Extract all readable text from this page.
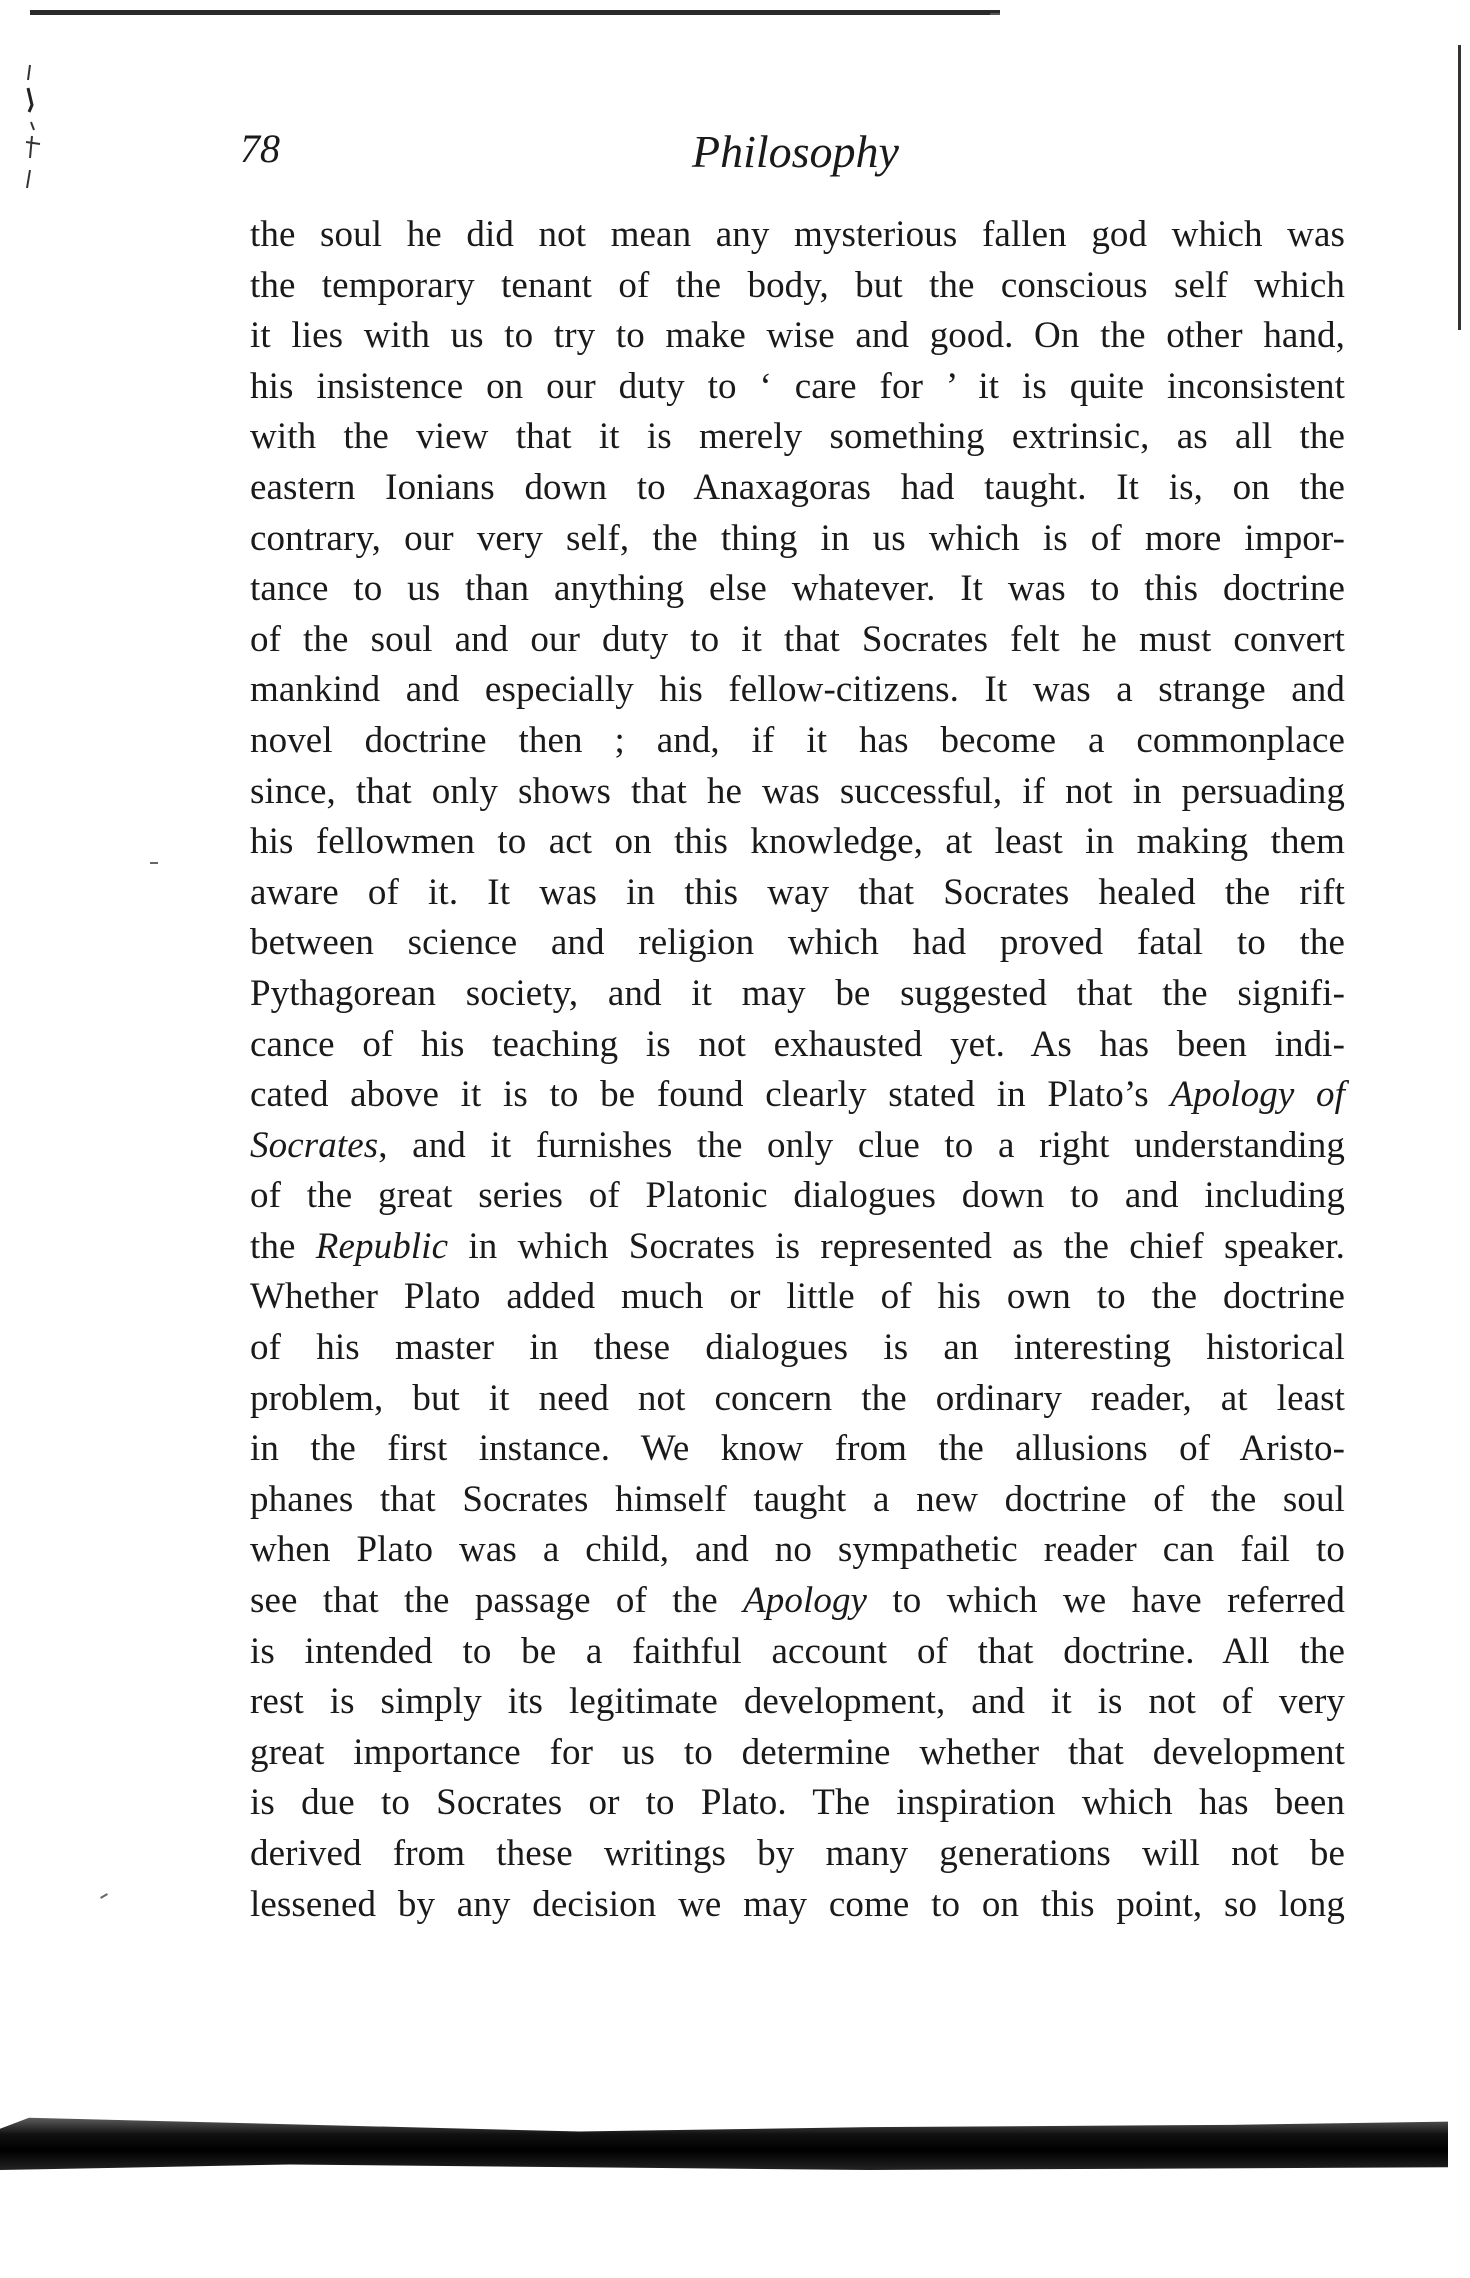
78	Philosophy
the soul he did not mean any mysterious fallen god which was
the temporary tenant of the body, but the conscious self which
it lies with us to try to make wise and good. On the other hand,
his insistence on our duty to ‘ care for ’ it is quite inconsistent
with the view that it is merely something extrinsic, as all the
eastern Ionians down to Anaxagoras had taught. It is, on the
contrary, our very self, the thing in us which is of more impor-
tance to us than anything else whatever. It was to this doctrine
of the soul and our duty to it that Socrates felt he must convert
mankind and especially his fellow-citizens. It was a strange and
novel doctrine then ; and, if it has become a commonplace
since, that only shows that he was successful, if not in persuading
his fellowmen to act on this knowledge, at least in making them
aware of it. It was in this way that Socrates healed the rift
between science and religion which had proved fatal to the
Pythagorean society, and it may be suggested that the signifi-
cance of his teaching is not exhausted yet. As has been indi-
cated above it is to be found clearly stated in Plato’s Apology of
Socrates, and it furnishes the only clue to a right understanding
of the great series of Platonic dialogues down to and including
the Republic in which Socrates is represented as the chief speaker.
Whether Plato added much or little of his own to the doctrine
of his master in these dialogues is an interesting historical
problem, but it need not concern the ordinary reader, at least
in the first instance. We know from the allusions of Aristo-
phanes that Socrates himself taught a new doctrine of the soul
when Plato was a child, and no sympathetic reader can fail to
see that the passage of the Apology to which we have referred
is intended to be a faithful account of that doctrine. All the
rest is simply its legitimate development, and it is not of very
great importance for us to determine whether that development
is due to Socrates or to Plato. The inspiration which has been
derived from these writings by many generations will not be
lessened by any decision we may come to on this point, so long
